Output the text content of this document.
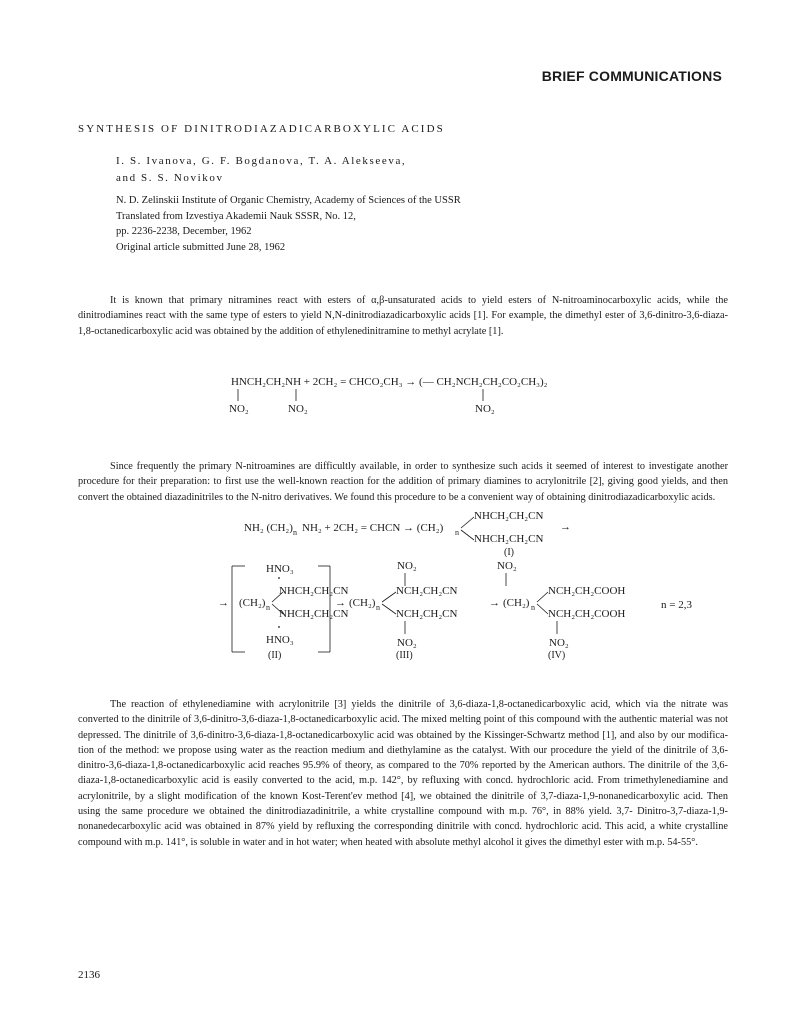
BRIEF COMMUNICATIONS
SYNTHESIS OF DINITRODIAZADICARBOXYLIC ACIDS
I. S. Ivanova, G. F. Bogdanova, T. A. Alekseeva,
and S. S. Novikov
N. D. Zelinskii Institute of Organic Chemistry, Academy of Sciences of the USSR
Translated from Izvestiya Akademii Nauk SSSR, No. 12,
pp. 2236-2238, December, 1962
Original article submitted June 28, 1962

It is known that primary nitramines react with esters of α,β-unsaturated acids to yield esters of N-nitroaminocarboxylic acids, while the dinitrodiamines react with the same type of esters to yield N,N-dinitrodiazadicarboxylic acids [1]. For example, the dimethyl ester of 3,6-dinitro-3,6-diaza-1,8-octanedicarboxylic acid was obtained by the addition of ethylenedinitramine to methyl acrylate [1].

HNCH₂CH₂NH + 2CH₂ = CHCO₂CH₃ → (— CH₂NCH₂CH₂CO₂CH₃)₂
NO₂	NO₂	NO₂

Since frequently the primary N-nitroamines are difficultly available, in order to synthesize such acids it seemed of interest to investigate another procedure for their preparation: to first use the well-known reaction for the addition of primary diamines to acrylonitrile [2], giving good yields, and then convert the obtained diazadinitriles to the N-nitro derivatives. We found this procedure to be a convenient way of obtaining dinitrodiazadicarboxylic acids.

NH₂ (CH₂) n NH₂ + 2CH₂ = CHCN → (CH₂) n
NHCH₂CH₂CN
NHCH₂CH₂CN
→
(I)
→
HNO₃
(CH₂) n
NHCH₂CH₂CN
NHCH₂CH₂CN
HNO₃
(II)
→
NO₂
(CH₂) n
NCH₂CH₂CN
NCH₂CH₂CN
NO₂
(III)
→
NO₂
(CH₂) n
NCH₂CH₂COOH
NCH₂CH₂COOH
NO₂
(IV)
n = 2,3

The reaction of ethylenediamine with acrylonitrile [3] yields the dinitrile of 3,6-diaza-1,8-octanedicarboxylic acid, which via the nitrate was converted to the dinitrile of 3,6-dinitro-3,6-diaza-1,8-octanedicarboxylic acid. The mixed melting point of this compound with the authentic material was not depressed. The dinitrile of 3,6-dinitro-3,6-diaza-1,8-octanedicarboxylic acid was obtained by the Kissinger-Schwartz method [1], and also by our modification of the method: we propose using water as the reaction medium and diethylamine as the catalyst. With our procedure the yield of the dinitrile of 3,6-dinitro-3,6-diaza-1,8-octanedicarboxylic acid reaches 95.9% of theory, as compared to the 70% reported by the American authors. The dinitrile of the 3,6-diaza-1,8-octanedicarboxylic acid is easily converted to the acid, m.p. 142°, by refluxing with concd. hydrochloric acid. From trimethylenediamine and acrylonitrile, by a slight modification of the known Kost-Terent'ev method [4], we obtained the dinitrile of 3,7-diaza-1,9-nonanedicarboxylic acid. Then using the same procedure we obtained the dinitrodiazadinitrile, a white crystalline compound with m.p. 76°, in 88% yield. 3,7- Dinitro-3,7-diaza-1,9-nonanedecarboxylic acid was obtained in 87% yield by refluxing the corresponding dinitrile with concd. hydrochloric acid. This acid, a white crystalline compound with m.p. 141°, is soluble in water and in hot water; when heated with absolute methyl alcohol it gives the dimethyl ester with m.p. 54-55°.

2136
